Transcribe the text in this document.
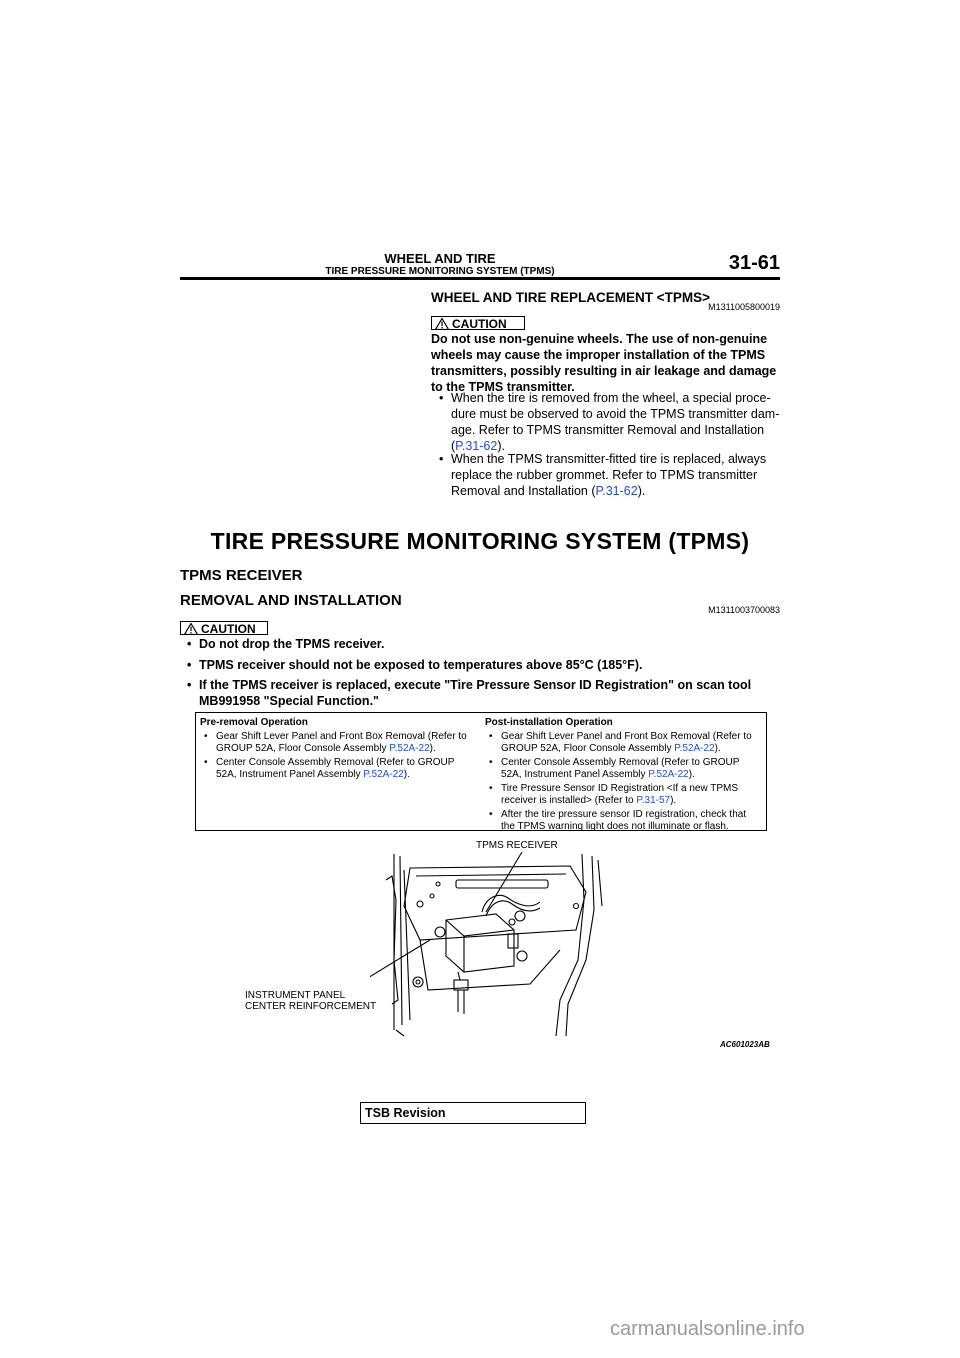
WHEEL AND TIRE
TIRE PRESSURE MONITORING SYSTEM (TPMS)	31-61
WHEEL AND TIRE REPLACEMENT <TPMS>
M1311005800019
CAUTION
Do not use non-genuine wheels. The use of non-genuine
wheels may cause the improper installation of the TPMS
transmitters, possibly resulting in air leakage and damage
to the TPMS transmitter.
• When the tire is removed from the wheel, a special proce-
dure must be observed to avoid the TPMS transmitter dam-
age. Refer to TPMS transmitter Removal and Installation
(P.31-62).
• When the TPMS transmitter-fitted tire is replaced, always
replace the rubber grommet. Refer to TPMS transmitter
Removal and Installation (P.31-62).
TIRE PRESSURE MONITORING SYSTEM (TPMS)
TPMS RECEIVER
REMOVAL AND INSTALLATION
M1311003700083
CAUTION
• Do not drop the TPMS receiver.
• TPMS receiver should not be exposed to temperatures above 85°C (185°F).
• If the TPMS receiver is replaced, execute "Tire Pressure Sensor ID Registration" on scan tool
MB991958 "Special Function."
Pre-removal Operation
• Gear Shift Lever Panel and Front Box Removal (Refer to
GROUP 52A, Floor Console Assembly P.52A-22).
• Center Console Assembly Removal (Refer to GROUP
52A, Instrument Panel Assembly P.52A-22).
Post-installation Operation
• Gear Shift Lever Panel and Front Box Removal (Refer to
GROUP 52A, Floor Console Assembly P.52A-22).
• Center Console Assembly Removal (Refer to GROUP
52A, Instrument Panel Assembly P.52A-22).
• Tire Pressure Sensor ID Registration <If a new TPMS
receiver is installed> (Refer to P.31-57).
• After the tire pressure sensor ID registration, check that
the TPMS warning light does not illuminate or flash.
TPMS RECEIVER
INSTRUMENT PANEL
CENTER REINFORCEMENT
AC601023AB
TSB Revision
carmanualsonline.info
